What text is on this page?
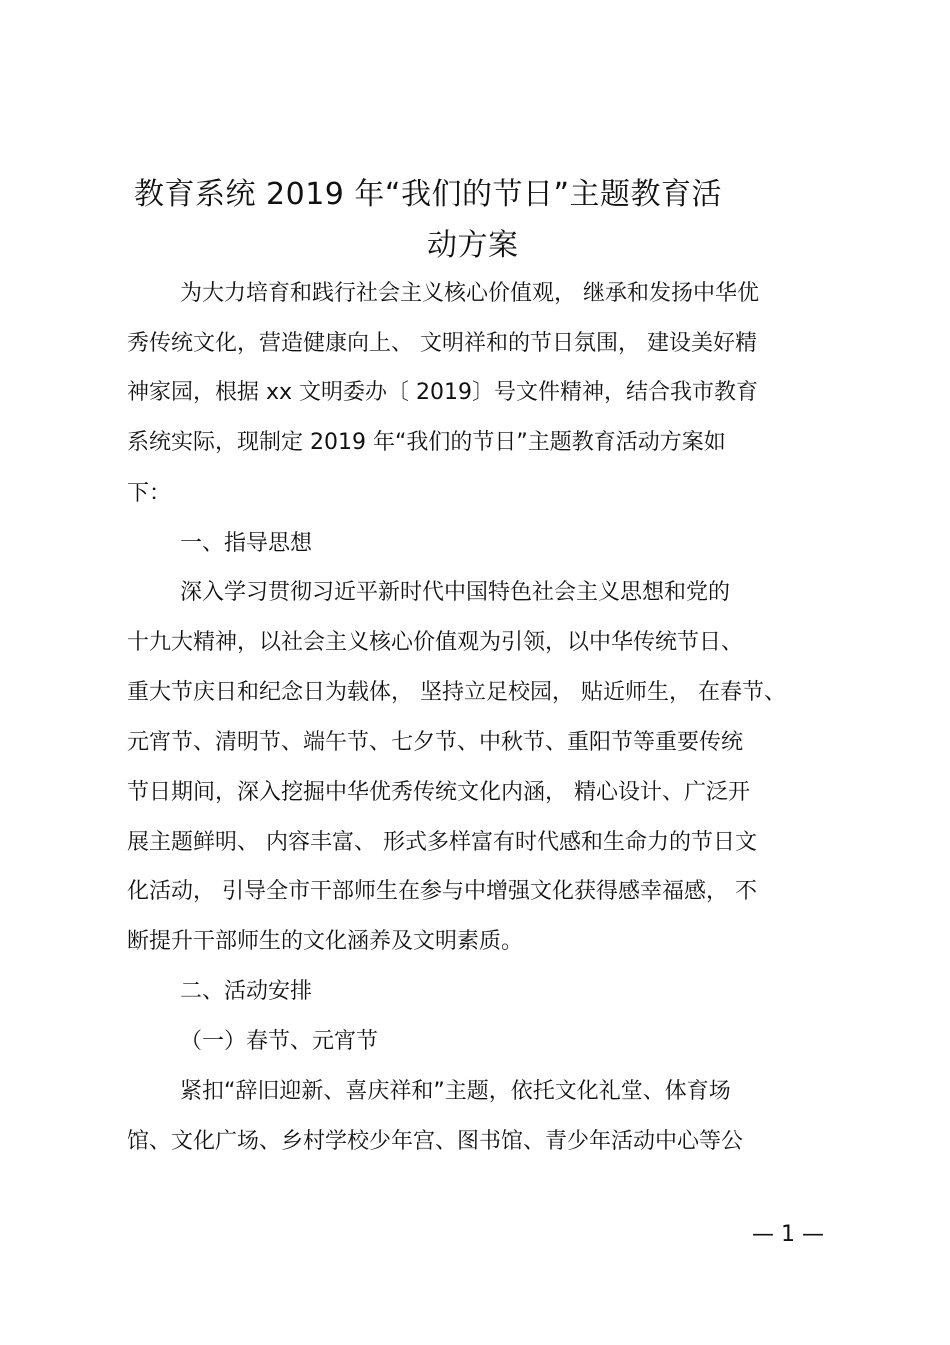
教育系统 2019 年“我们的节日”主题教育活
动方案
为大力培育和践行社会主义核心价值观， 继承和发扬中华优
秀传统文化，营造健康向上、 文明祥和的节日氛围， 建设美好精
神家园，根据 xx 文明委办〔 2019〕号文件精神，结合我市教育
系统实际，现制定 2019 年“我们的节日”主题教育活动方案如
下：
一、指导思想
深入学习贯彻习近平新时代中国特色社会主义思想和党的
十九大精神，以社会主义核心价值观为引领，以中华传统节日、
重大节庆日和纪念日为载体， 坚持立足校园， 贴近师生， 在春节、
元宵节、清明节、端午节、七夕节、中秋节、重阳节等重要传统
节日期间，深入挖掘中华优秀传统文化内涵， 精心设计、广泛开
展主题鲜明、 内容丰富、 形式多样富有时代感和生命力的节日文
化活动， 引导全市干部师生在参与中增强文化获得感幸福感， 不
断提升干部师生的文化涵养及文明素质。
二、活动安排
（一）春节、元宵节
紧扣“辞旧迎新、喜庆祥和”主题，依托文化礼堂、体育场
馆、文化广场、乡村学校少年宫、图书馆、青少年活动中心等公
— 1 —
